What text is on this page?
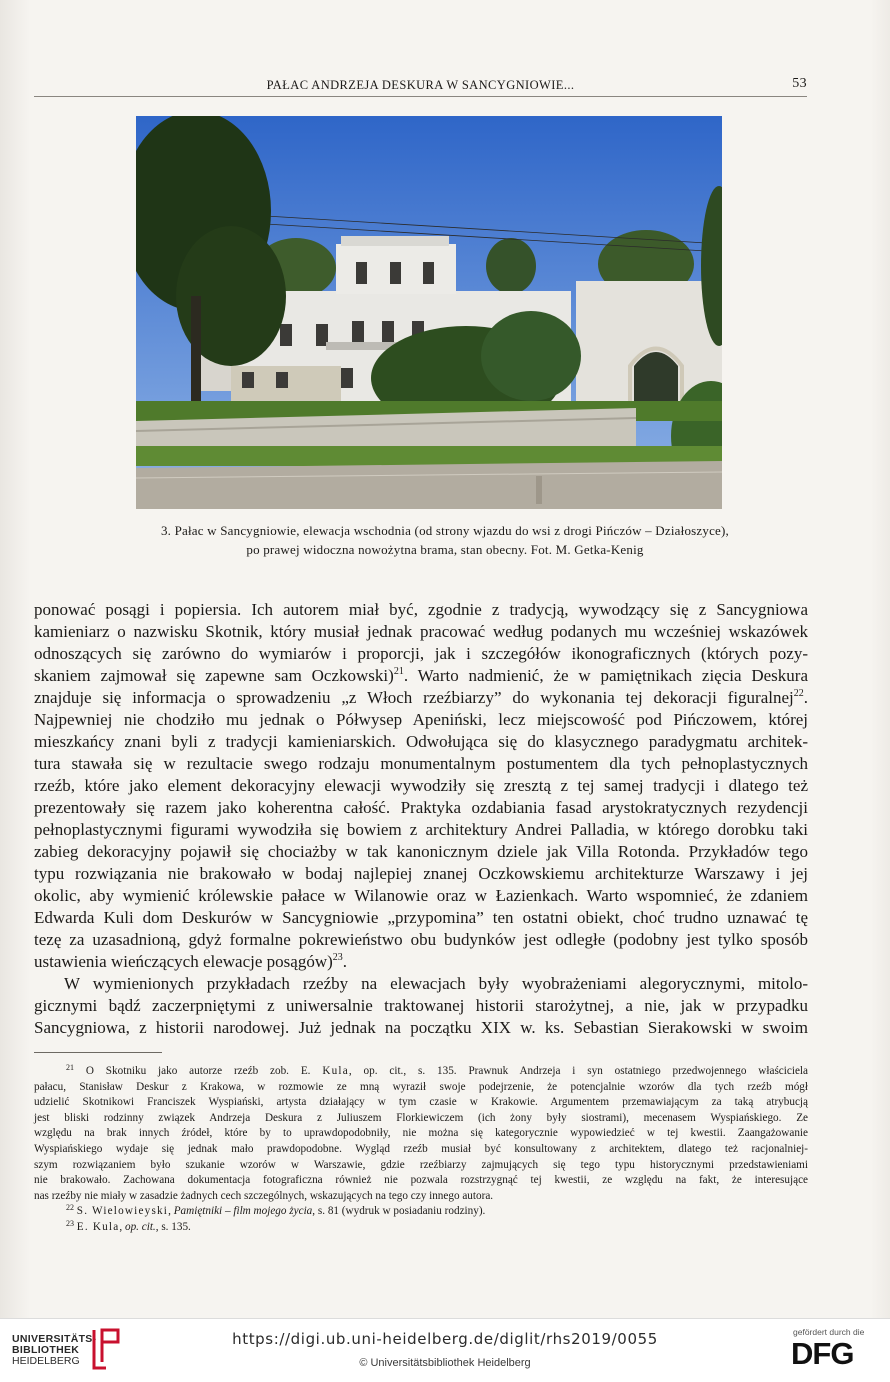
PAŁAC ANDRZEJA DESKURA W SANCYGNIOWIE...	53
3. Pałac w Sancygniowie, elewacja wschodnia (od strony wjazdu do wsi z drogi Pińczów – Działoszyce),
po prawej widoczna nowożytna brama, stan obecny. Fot. M. Getka-Kenig
ponować posągi i popiersia. Ich autorem miał być, zgodnie z tradycją, wywodzący się z Sancygniowa
kamieniarz o nazwisku Skotnik, który musiał jednak pracować według podanych mu wcześniej wskazówek
odnoszących się zarówno do wymiarów i proporcji, jak i szczegółów ikonograficznych (których pozy-
skaniem zajmował się zapewne sam Oczkowski)$^{21}$. Warto nadmienić, że w pamiętnikach zięcia Deskura
znajduje się informacja o sprowadzeniu „z Włoch rzeźbiarzy” do wykonania tej dekoracji figuralnej$^{22}$.
Najpewniej nie chodziło mu jednak o Półwysep Apeniński, lecz miejscowość pod Pińczowem, której
mieszkańcy znani byli z tradycji kamieniarskich. Odwołująca się do klasycznego paradygmatu architek-
tura stawała się w rezultacie swego rodzaju monumentalnym postumentem dla tych pełnoplastycznych
rzeźb, które jako element dekoracyjny elewacji wywodziły się zresztą z tej samej tradycji i dlatego też
prezentowały się razem jako koherentna całość. Praktyka ozdabiania fasad arystokratycznych rezydencji
pełnoplastycznymi figurami wywodziła się bowiem z architektury Andrei Palladia, w którego dorobku taki
zabieg dekoracyjny pojawił się chociażby w tak kanonicznym dziele jak Villa Rotonda. Przykładów tego
typu rozwiązania nie brakowało w bodaj najlepiej znanej Oczkowskiemu architekturze Warszawy i jej
okolic, aby wymienić królewskie pałace w Wilanowie oraz w Łazienkach. Warto wspomnieć, że zdaniem
Edwarda Kuli dom Deskurów w Sancygniowie „przypomina” ten ostatni obiekt, choć trudno uznawać tę
tezę za uzasadnioną, gdyż formalne pokrewieństwo obu budynków jest odległe (podobny jest tylko sposób
ustawienia wieńczących elewacje posągów)$^{23}$.
W wymienionych przykładach rzeźby na elewacjach były wyobrażeniami alegorycznymi, mitolo-
gicznymi bądź zaczerpniętymi z uniwersalnie traktowanej historii starożytnej, a nie, jak w przypadku
Sancygniowa, z historii narodowej. Już jednak na początku XIX w. ks. Sebastian Sierakowski w swoim
$^{21}$ O Skotniku jako autorze rzeźb zob. E. Kula, op. cit., s. 135. Prawnuk Andrzeja i syn ostatniego przedwojennego właściciela
pałacu, Stanisław Deskur z Krakowa, w rozmowie ze mną wyraził swoje podejrzenie, że potencjalnie wzorów dla tych rzeźb mógł
udzielić Skotnikowi Franciszek Wyspiański, artysta działający w tym czasie w Krakowie. Argumentem przemawiającym za taką atrybucją
jest bliski rodzinny związek Andrzeja Deskura z Juliuszem Florkiewiczem (ich żony były siostrami), mecenasem Wyspiańskiego. Ze
względu na brak innych źródeł, które by to uprawdopodobniły, nie można się kategorycznie wypowiedzieć w tej kwestii. Zaangażowanie
Wyspiańskiego wydaje się jednak mało prawdopodobne. Wygląd rzeźb musiał być konsultowany z architektem, dlatego też racjonalniej-
szym rozwiązaniem było szukanie wzorów w Warszawie, gdzie rzeźbiarzy zajmujących się tego typu historycznymi przedstawieniami
nie brakowało. Zachowana dokumentacja fotograficzna również nie pozwala rozstrzygnąć tej kwestii, ze względu na fakt, że interesujące
nas rzeźby nie miały w zasadzie żadnych cech szczególnych, wskazujących na tego czy innego autora.
$^{22}$ S. Wielowieyski, Pamiętniki – film mojego życia, s. 81 (wydruk w posiadaniu rodziny).
$^{23}$ E. Kula, op. cit., s. 135.
UNIVERSITÄTS-
BIBLIOTHEK
HEIDELBERG
https://digi.ub.uni-heidelberg.de/diglit/rhs2019/0055
© Universitätsbibliothek Heidelberg
gefördert durch die
DFG
